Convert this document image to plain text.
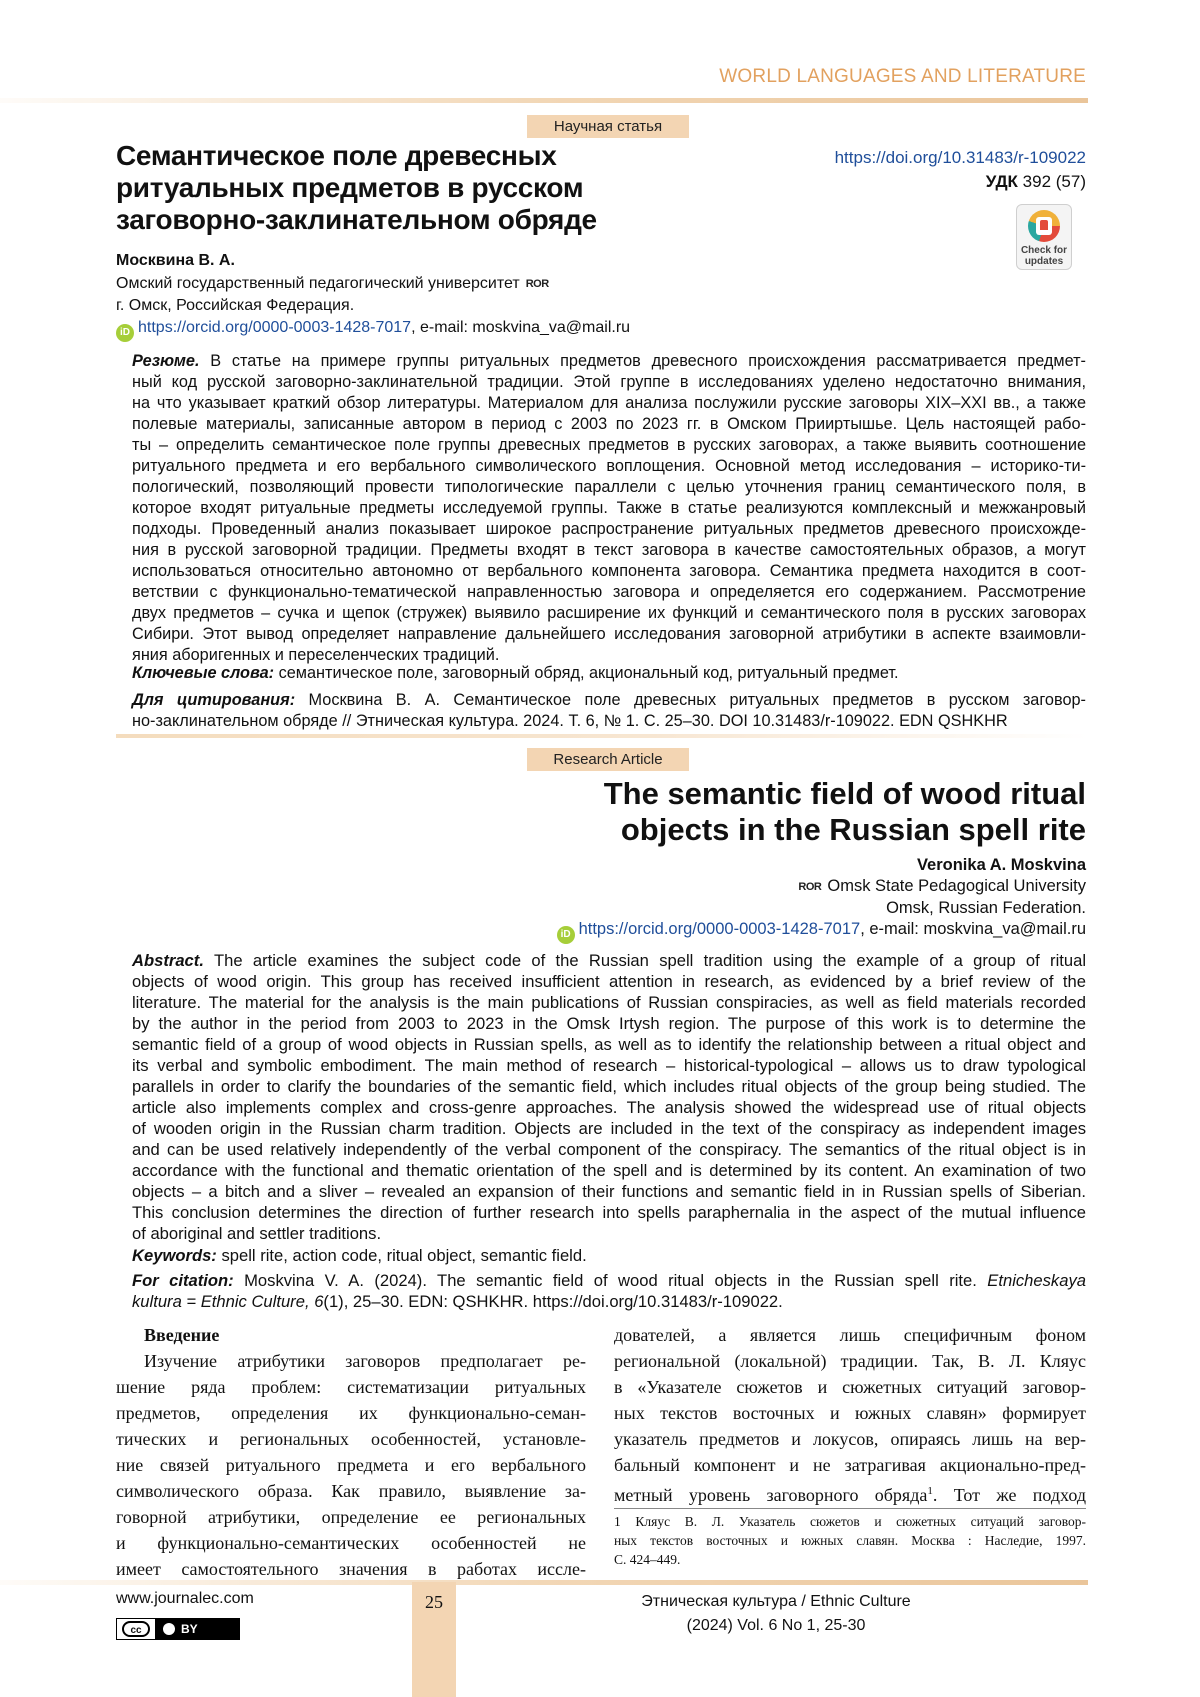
WORLD LANGUAGES AND LITERATURE
Научная статья
Семантическое поле древесных
ритуальных предметов в русском
заговорно-заклинательном обряде
https://doi.org/10.31483/r-109022
УДК 392 (57)
Check for
updates
Москвина В. А.
Омский государственный педагогический университет ROR
г. Омск, Российская Федерация.
iD https://orcid.org/0000-0003-1428-7017, e-mail: moskvina_va@mail.ru
Резюме. В статье на примере группы ритуальных предметов древесного происхождения рассматривается предмет-
ный код русской заговорно-заклинательной традиции. Этой группе в исследованиях уделено недостаточно внимания,
на что указывает краткий обзор литературы. Материалом для анализа послужили русские заговоры XIX–XXI вв., а также
полевые материалы, записанные автором в период с 2003 по 2023 гг. в Омском Прииртышье. Цель настоящей рабо-
ты – определить семантическое поле группы древесных предметов в русских заговорах, а также выявить соотношение
ритуального предмета и его вербального символического воплощения. Основной метод исследования – историко-ти-
пологический, позволяющий провести типологические параллели с целью уточнения границ семантического поля, в
которое входят ритуальные предметы исследуемой группы. Также в статье реализуются комплексный и межжанровый
подходы. Проведенный анализ показывает широкое распространение ритуальных предметов древесного происхожде-
ния в русской заговорной традиции. Предметы входят в текст заговора в качестве самостоятельных образов, а могут
использоваться относительно автономно от вербального компонента заговора. Семантика предмета находится в соот-
ветствии с функционально-тематической направленностью заговора и определяется его содержанием. Рассмотрение
двух предметов – сучка и щепок (стружек) выявило расширение их функций и семантического поля в русских заговорах
Сибири. Этот вывод определяет направление дальнейшего исследования заговорной атрибутики в аспекте взаимовли-
яния аборигенных и переселенческих традиций.
Ключевые слова: семантическое поле, заговорный обряд, акциональный код, ритуальный предмет.
Для цитирования: Москвина В. А. Семантическое поле древесных ритуальных предметов в русском заговор-
но-заклинательном обряде // Этническая культура. 2024. Т. 6, № 1. С. 25–30. DOI 10.31483/r-109022. EDN QSHKHR
Research Article
The semantic field of wood ritual
objects in the Russian spell rite
Veronika A. Moskvina
ROR Omsk State Pedagogical University
Omsk, Russian Federation.
iD https://orcid.org/0000-0003-1428-7017, e-mail: moskvina_va@mail.ru
Abstract. The article examines the subject code of the Russian spell tradition using the example of a group of ritual
objects of wood origin. This group has received insufficient attention in research, as evidenced by a brief review of the
literature. The material for the analysis is the main publications of Russian conspiracies, as well as field materials recorded
by the author in the period from 2003 to 2023 in the Omsk Irtysh region. The purpose of this work is to determine the
semantic field of a group of wood objects in Russian spells, as well as to identify the relationship between a ritual object and
its verbal and symbolic embodiment. The main method of research – historical-typological – allows us to draw typological
parallels in order to clarify the boundaries of the semantic field, which includes ritual objects of the group being studied. The
article also implements complex and cross-genre approaches. The analysis showed the widespread use of ritual objects
of wooden origin in the Russian charm tradition. Objects are included in the text of the conspiracy as independent images
and can be used relatively independently of the verbal component of the conspiracy. The semantics of the ritual object is in
accordance with the functional and thematic orientation of the spell and is determined by its content. An examination of two
objects – a bitch and a sliver – revealed an expansion of their functions and semantic field in in Russian spells of Siberian.
This conclusion determines the direction of further research into spells paraphernalia in the aspect of the mutual influence
of aboriginal and settler traditions.
Keywords: spell rite, action code, ritual object, semantic field.
For citation: Moskvina V. A. (2024). The semantic field of wood ritual objects in the Russian spell rite. Etnicheskaya
kultura = Ethnic Culture, 6(1), 25–30. EDN: QSHKHR. https://doi.org/10.31483/r-109022.
Введение
Изучение атрибутики заговоров предполагает ре-
шение ряда проблем: систематизации ритуальных
предметов, определения их функционально-семан-
тических и региональных особенностей, установле-
ние связей ритуального предмета и его вербального
символического образа. Как правило, выявление за-
говорной атрибутики, определение ее региональных
и функционально-семантических особенностей не
имеет самостоятельного значения в работах иссле-
дователей, а является лишь специфичным фоном
региональной (локальной) традиции. Так, В. Л. Кляус
в «Указателе сюжетов и сюжетных ситуаций заговор-
ных текстов восточных и южных славян» формирует
указатель предметов и локусов, опираясь лишь на вер-
бальный компонент и не затрагивая акционально-пред-
метный уровень заговорного обряда$^1$. Тот же подход
1 Кляус В. Л. Указатель сюжетов и сюжетных ситуаций заговор-
ных текстов восточных и южных славян. Москва : Наследие, 1997.
С. 424–449.
25
www.journalec.com
cc	BY
Этническая культура / Ethnic Culture
(2024) Vol. 6 No 1, 25-30
